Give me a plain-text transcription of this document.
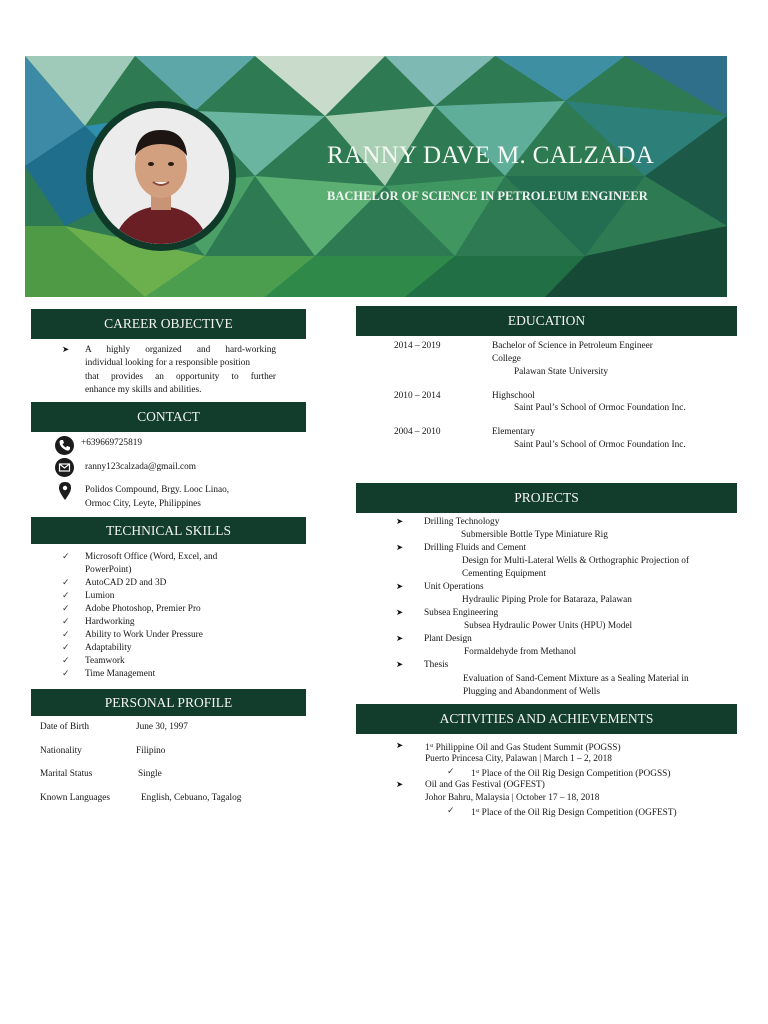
RANNY DAVE M. CALZADA
BACHELOR OF SCIENCE IN PETROLEUM ENGINEER
CAREER OBJECTIVE
➤ A highly organized and hard-working
individual looking for a responsible position
that provides an opportunity to further
enhance my skills and abilities.
CONTACT
+639669725819
ranny123calzada@gmail.com
Polidos Compound, Brgy. Looc Linao,
Ormoc City, Leyte, Philippines
TECHNICAL SKILLS
✓ Microsoft Office (Word, Excel, and
PowerPoint)
✓ AutoCAD 2D and 3D
✓ Lumion
✓ Adobe Photoshop, Premier Pro
✓ Hardworking
✓ Ability to Work Under Pressure
✓ Adaptability
✓ Teamwork
✓ Time Management
PERSONAL PROFILE
Date of Birth	June 30, 1997
Nationality	Filipino
Marital Status	Single
Known Languages	English, Cebuano, Tagalog
EDUCATION
2014 – 2019	Bachelor of Science in Petroleum Engineer
College
Palawan State University
2010 – 2014	Highschool
Saint Paul’s School of Ormoc Foundation Inc.
2004 – 2010	Elementary
Saint Paul’s School of Ormoc Foundation Inc.
PROJECTS
➤ Drilling Technology
Submersible Bottle Type Miniature Rig
➤ Drilling Fluids and Cement
Design for Multi-Lateral Wells & Orthographic Projection of
Cementing Equipment
➤ Unit Operations
Hydraulic Piping Prole for Bataraza, Palawan
➤ Subsea Engineering
Subsea Hydraulic Power Units (HPU) Model
➤ Plant Design
Formaldehyde from Methanol
➤ Thesis
Evaluation of Sand-Cement Mixture as a Sealing Material in
Plugging and Abandonment of Wells
ACTIVITIES AND ACHIEVEMENTS
➤ 1st Philippine Oil and Gas Student Summit (POGSS)
Puerto Princesa City, Palawan | March 1 – 2, 2018
✓ 1st Place of the Oil Rig Design Competition (POGSS)
➤ Oil and Gas Festival (OGFEST)
Johor Bahru, Malaysia | October 17 – 18, 2018
✓ 1st Place of the Oil Rig Design Competition (OGFEST)
